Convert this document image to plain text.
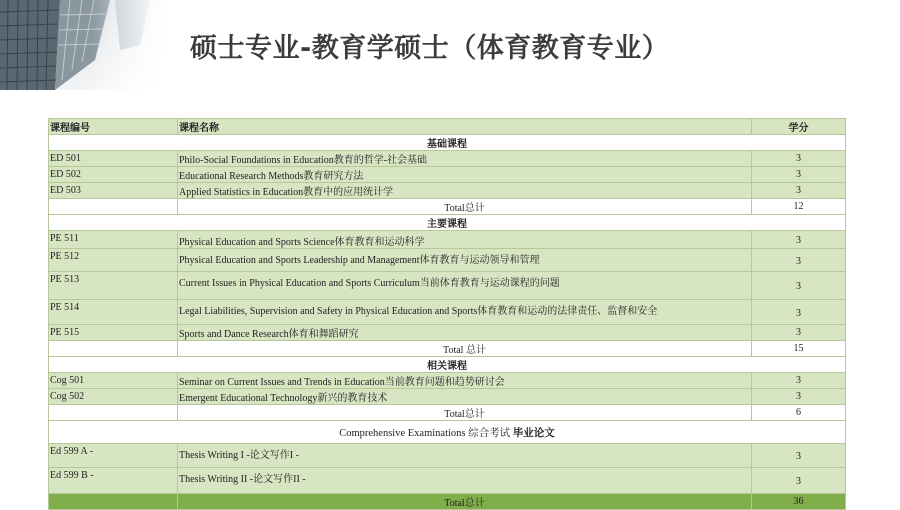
硕士专业-教育学硕士（体育教育专业）
课程编号	课程名称	学分
基础课程		
ED 501	Philo-Social Foundations in Education教育的哲学-社会基础	3
ED 502	Educational Research Methods教育研究方法	3
ED 503	Applied Statistics in Education教育中的应用统计学	3
	Total总计	12
主要课程		
PE 511	Physical Education and Sports Science体育教育和运动科学	3
PE 512	Physical Education and Sports Leadership and Management体育教育与运动领导和管理	3
PE 513	Current Issues in Physical Education and Sports Curriculum当前体育教育与运动课程的问题	3
PE 514	Legal Liabilities, Supervision and Safety in Physical Education and Sports体育教育和运动的法律责任、监督和安全	3
PE 515	Sports and Dance Research体育和舞蹈研究	3
	Total 总计	15
相关课程		
Cog 501	Seminar on Current Issues and Trends in Education当前教育问题和趋势研讨会	3
Cog 502	Emergent Educational Technology新兴的教育技术	3
	Total总计	6
Comprehensive Examinations 综合考试 毕业论文		
Ed 599 A -	Thesis Writing I -论文写作I -	3
Ed 599 B -	Thesis Writing II -论文写作II -	3
	Total总计	36
